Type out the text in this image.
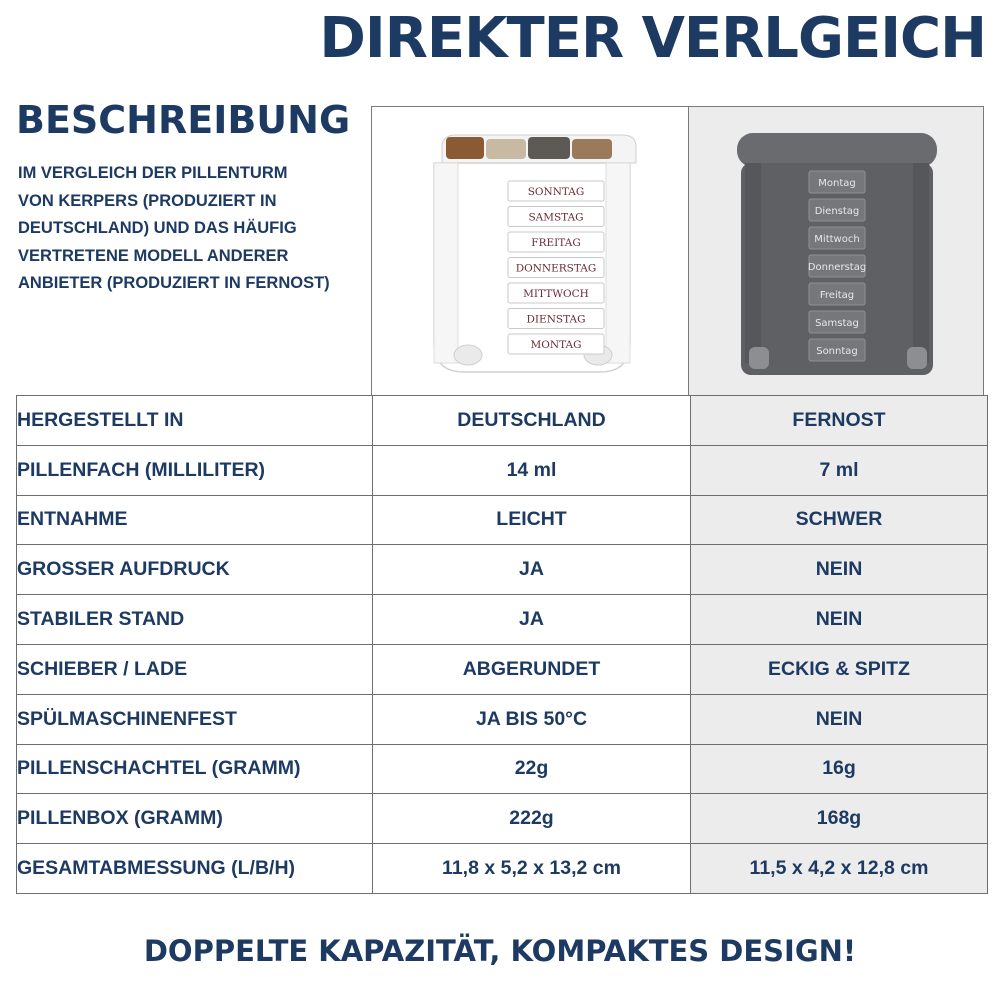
DIREKTER VERLGEICH
BESCHREIBUNG
IM VERGLEICH DER PILLENTURM
VON KERPERS (PRODUZIERT IN
DEUTSCHLAND) UND DAS HÄUFIG
VERTRETENE MODELL ANDERER
ANBIETER (PRODUZIERT IN FERNOST)
SONNTAG
SAMSTAG
FREITAG
DONNERSTAG
MITTWOCH
DIENSTAG
MONTAG
Montag
Dienstag
Mittwoch
Donnerstag
Freitag
Samstag
Sonntag
HERGESTELLT IN	DEUTSCHLAND	FERNOST
PILLENFACH (MILLILITER)	14 ml	7 ml
ENTNAHME	LEICHT	SCHWER
GROSSER AUFDRUCK	JA	NEIN
STABILER STAND	JA	NEIN
SCHIEBER / LADE	ABGERUNDET	ECKIG & SPITZ
SPÜLMASCHINENFEST	JA BIS 50°C	NEIN
PILLENSCHACHTEL (GRAMM)	22g	16g
PILLENBOX (GRAMM)	222g	168g
GESAMTABMESSUNG (L/B/H)	11,8 x 5,2 x 13,2 cm	11,5 x 4,2 x 12,8 cm
DOPPELTE KAPAZITÄT, KOMPAKTES DESIGN!
